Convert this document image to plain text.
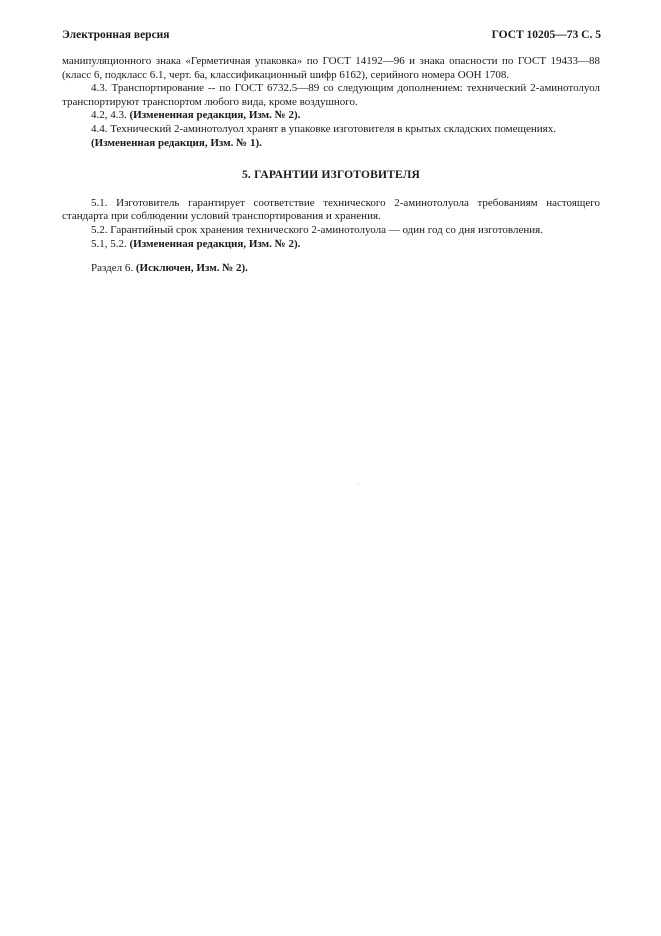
Электронная версия	ГОСТ 10205—73 С. 5

манипуляционного знака «Герметичная упаковка» по ГОСТ 14192—96 и знака опасности по ГОСТ 19433—88 (класс 6, подкласс 6.1, черт. 6а, классификационный шифр 6162), серийного номера ООН 1708.

4.3. Транспортирование -- по ГОСТ 6732.5—89 со следующим дополнением: технический 2-аминотолуол транспортируют транспортом любого вида, кроме воздушного.

4.2, 4.3. (Измененная редакция, Изм. № 2).

4.4. Технический 2-аминотолуол хранят в упаковке изготовителя в крытых складских помещениях.

(Измененная редакция, Изм. № 1).

5. ГАРАНТИИ ИЗГОТОВИТЕЛЯ

5.1. Изготовитель гарантирует соответствие технического 2-аминотолуола требованиям настоящего стандарта при соблюдении условий транспортирования и хранения.

5.2. Гарантийный срок хранения технического 2-аминотолуола — один год со дня изготовления.

5.1, 5.2. (Измененная редакция, Изм. № 2).

Раздел 6. (Исключен, Изм. № 2).
